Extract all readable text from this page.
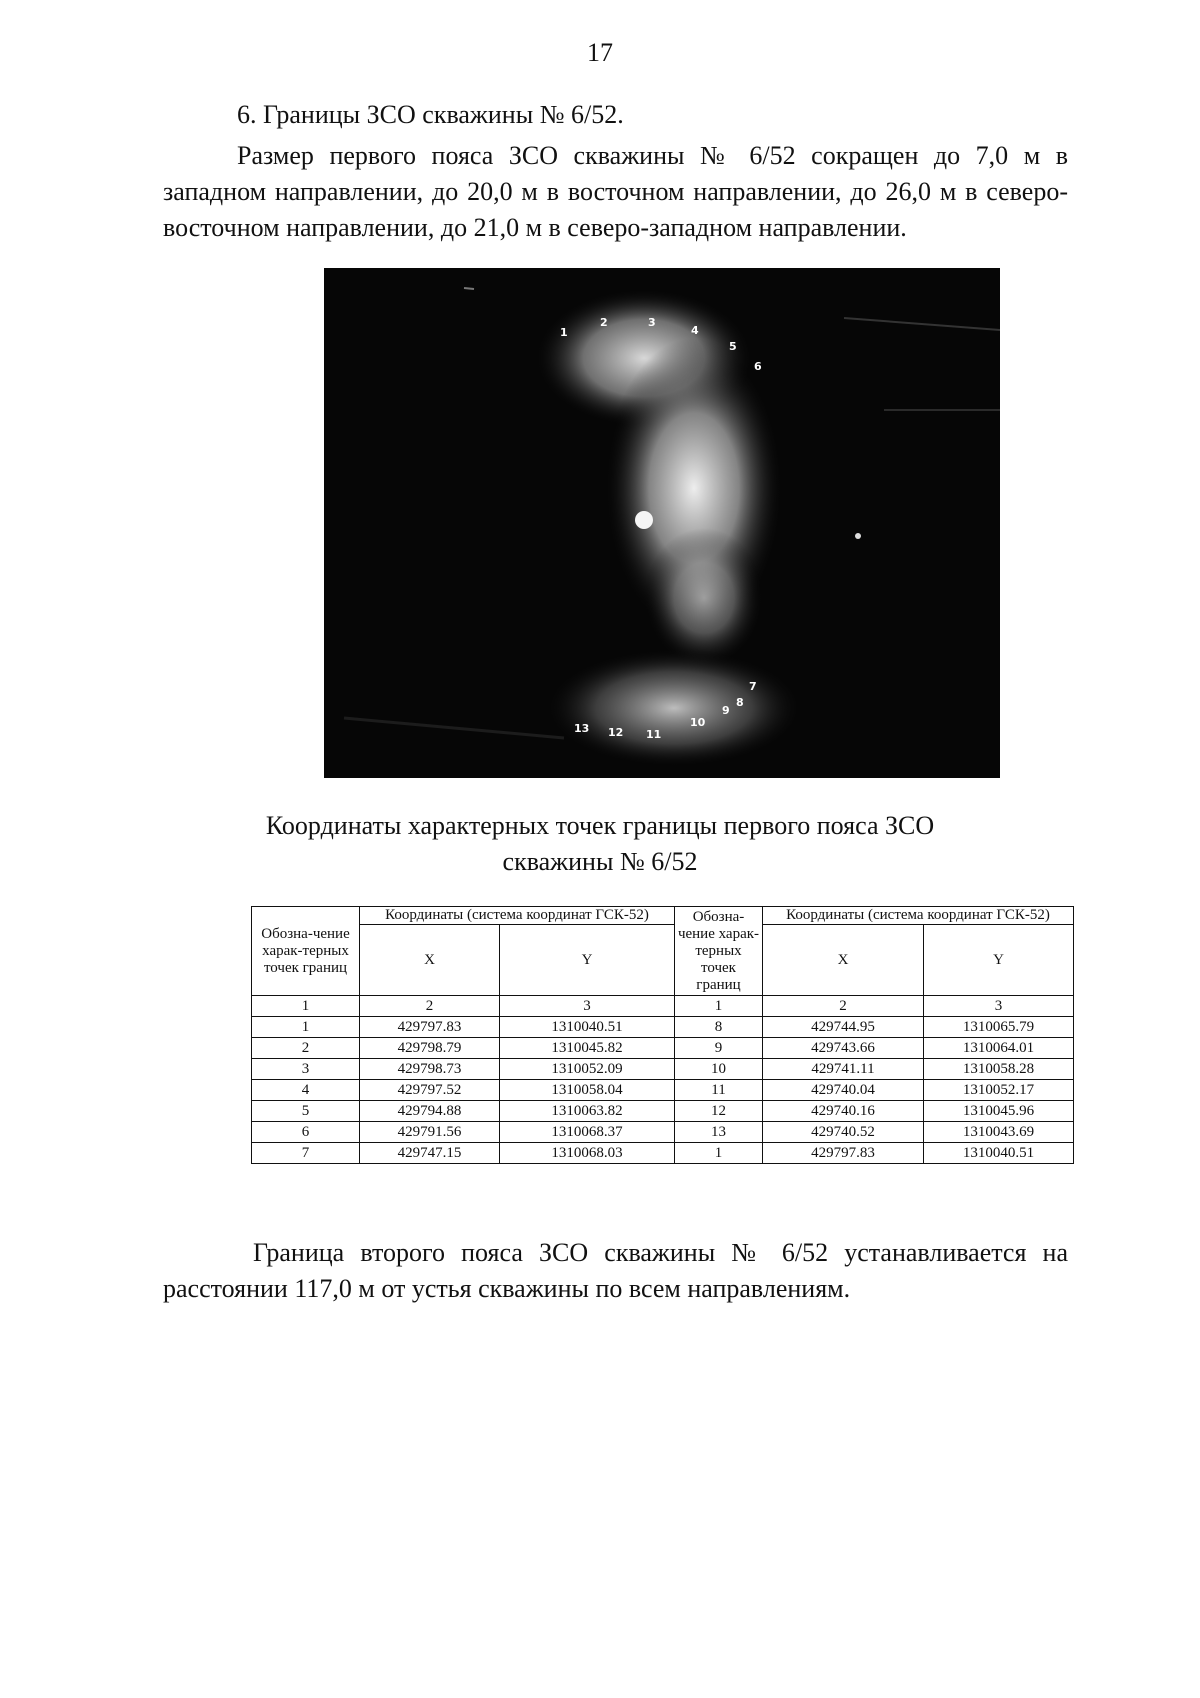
17
6. Границы ЗСО скважины № 6/52.

Размер первого пояса ЗСО скважины № 6/52 сокращен до 7,0 м в западном направлении, до 20,0 м в восточном направлении, до 26,0 м в северо-восточном направлении, до 21,0 м в северо-западном направлении.

1
2	3
4
5
6
7
8
9
10
11
12
13
Координаты характерных точек границы первого пояса ЗСО
скважины № 6/52
Обозна-чение харак-терных точек границ	Координаты (система координат ГСК-52)		Обозна-чение харак-терных точек границ	Координаты (система координат ГСК-52)	
	X	Y		X	Y
1	2	3	1	2	3
1	429797.83	1310040.51	8	429744.95	1310065.79
2	429798.79	1310045.82	9	429743.66	1310064.01
3	429798.73	1310052.09	10	429741.11	1310058.28
4	429797.52	1310058.04	11	429740.04	1310052.17
5	429794.88	1310063.82	12	429740.16	1310045.96
6	429791.56	1310068.37	13	429740.52	1310043.69
7	429747.15	1310068.03	1	429797.83	1310040.51

Граница второго пояса ЗСО скважины № 6/52 устанавливается на расстоянии 117,0 м от устья скважины по всем направлениям.
